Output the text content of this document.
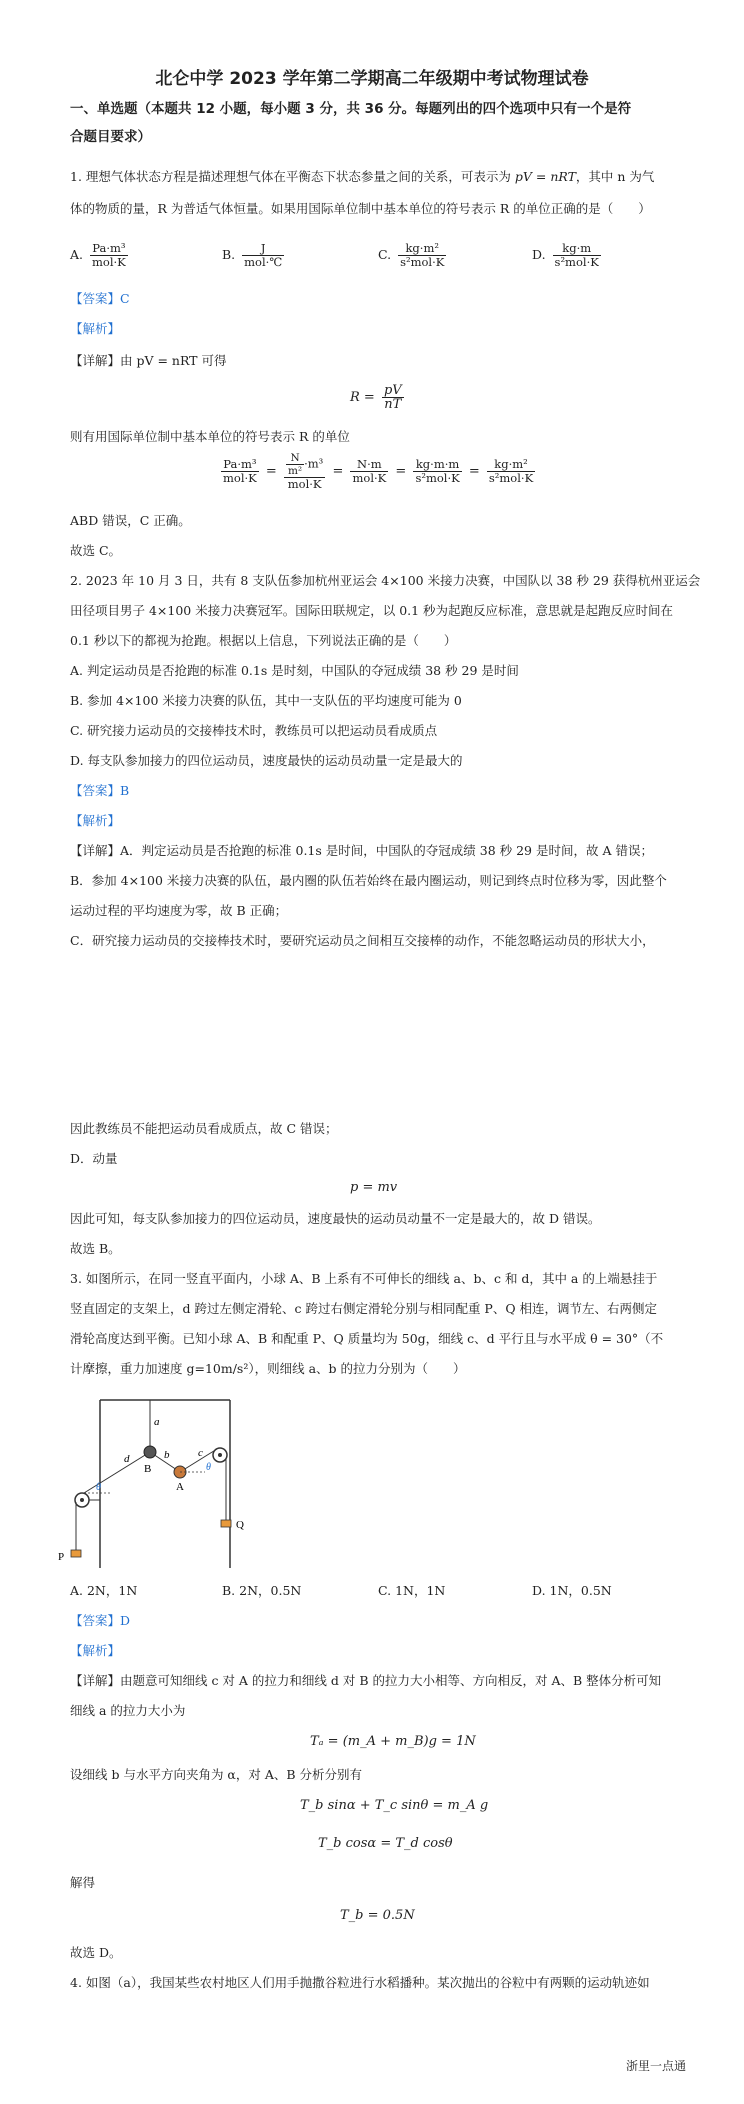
北仑中学 2023 学年第二学期高二年级期中考试物理试卷
一、单选题（本题共 12 小题，每小题 3 分，共 36 分。每题列出的四个选项中只有一个是符
合题目要求）
1. 理想气体状态方程是描述理想气体在平衡态下状态参量之间的关系，可表示为 pV = nRT，其中 n 为气
体的物质的量，R 为普适气体恒量。如果用国际单位制中基本单位的符号表示 R 的单位正确的是（　　）
A. $\frac{\text{Pa·m³}}{\text{mol·K}}$	B. $\frac{J}{\text{mol·℃}}$	C. $\frac{\text{kg·m²}}{\text{s²mol·K}}$	D. $\frac{kg\cdot m}{\text{s²mol·K}}$
【答案】C
【解析】
【详解】由 pV = nRT 可得
$R = \frac{pV}{nT}$
则有用国际单位制中基本单位的符号表示 R 的单位
$\frac{\text{Pa·m³}}{\text{mol·K}} = \frac{\frac{N}{\text{m²}} \cdot m^3}{\text{mol·K}} = \frac{N\cdot m}{\text{mol·K}} = \frac{kg\cdot m\cdot m}{\text{s²mol·K}} = \frac{\text{kg·m²}}{\text{s²mol·K}}$
ABD 错误，C 正确。
故选 C。
2. 2023 年 10 月 3 日，共有 8 支队伍参加杭州亚运会 4×100 米接力决赛，中国队以 38 秒 29 获得杭州亚运会
田径项目男子 4×100 米接力决赛冠军。国际田联规定，以 0.1 秒为起跑反应标准，意思就是起跑反应时间在
0.1 秒以下的都视为抢跑。根据以上信息，下列说法正确的是（　　）
A. 判定运动员是否抢跑的标准 0.1s 是时刻，中国队的夺冠成绩 38 秒 29 是时间
B. 参加 4×100 米接力决赛的队伍，其中一支队伍的平均速度可能为 0
C. 研究接力运动员的交接棒技术时，教练员可以把运动员看成质点
D. 每支队参加接力的四位运动员，速度最快的运动员动量一定是最大的
【答案】B
【解析】
【详解】A．判定运动员是否抢跑的标准 0.1s 是时间，中国队的夺冠成绩 38 秒 29 是时间，故 A 错误；
B．参加 4×100 米接力决赛的队伍，最内圈的队伍若始终在最内圈运动，则记到终点时位移为零，因此整个
运动过程的平均速度为零，故 B 正确；
C．研究接力运动员的交接棒技术时，要研究运动员之间相互交接棒的动作，不能忽略运动员的形状大小，
因此教练员不能把运动员看成质点，故 C 错误；
D．动量
p = mv
因此可知，每支队参加接力的四位运动员，速度最快的运动员动量不一定是最大的，故 D 错误。
故选 B。
3. 如图所示，在同一竖直平面内，小球 A、B 上系有不可伸长的细线 a、b、c 和 d，其中 a 的上端悬挂于
竖直固定的支架上，d 跨过左侧定滑轮、c 跨过右侧定滑轮分别与相同配重 P、Q 相连，调节左、右两侧定
滑轮高度达到平衡。已知小球 A、B 和配重 P、Q 质量均为 50g，细线 c、d 平行且与水平成 θ = 30°（不
计摩擦，重力加速度 g=10m/s²），则细线 a、b 的拉力分别为（　　）
a
d	b	c
B
A
θ
θ
P
Q
A. 2N，1N	B. 2N，0.5N	C. 1N，1N	D. 1N，0.5N
【答案】D
【解析】
【详解】由题意可知细线 c 对 A 的拉力和细线 d 对 B 的拉力大小相等、方向相反，对 A、B 整体分析可知
细线 a 的拉力大小为
Tₐ = (m_A + m_B)g = 1N
设细线 b 与水平方向夹角为 α，对 A、B 分析分别有
T_b sinα + T_c sinθ = m_A g
T_b cosα = T_d cosθ
解得
T_b = 0.5N
故选 D。
4. 如图（a），我国某些农村地区人们用手抛撒谷粒进行水稻播种。某次抛出的谷粒中有两颗的运动轨迹如
浙里一点通
